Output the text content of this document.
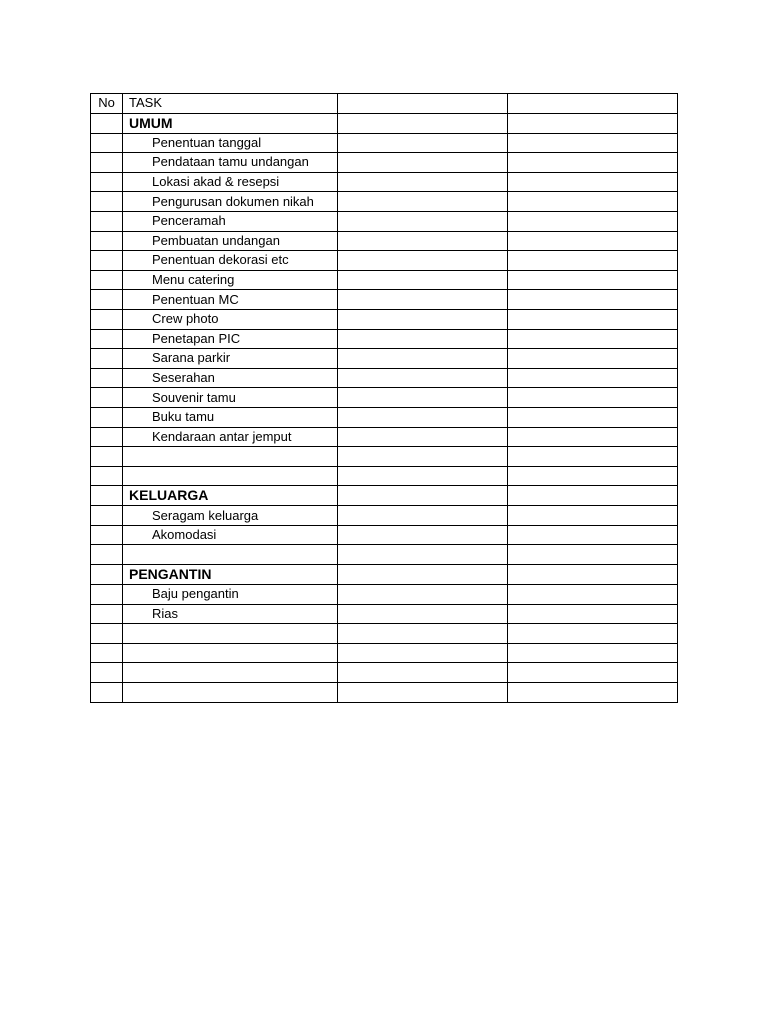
No	TASK		
	UMUM		
	Penentuan tanggal		
	Pendataan tamu undangan		
	Lokasi akad & resepsi		
	Pengurusan dokumen nikah		
	Penceramah		
	Pembuatan undangan		
	Penentuan dekorasi etc		
	Menu catering		
	Penentuan MC		
	Crew photo		
	Penetapan PIC		
	Sarana parkir		
	Seserahan		
	Souvenir tamu		
	Buku tamu		
	Kendaraan antar jemput		

	KELUARGA		
	Seragam keluarga		
	Akomodasi		

	PENGANTIN		
	Baju pengantin		
	Rias		
